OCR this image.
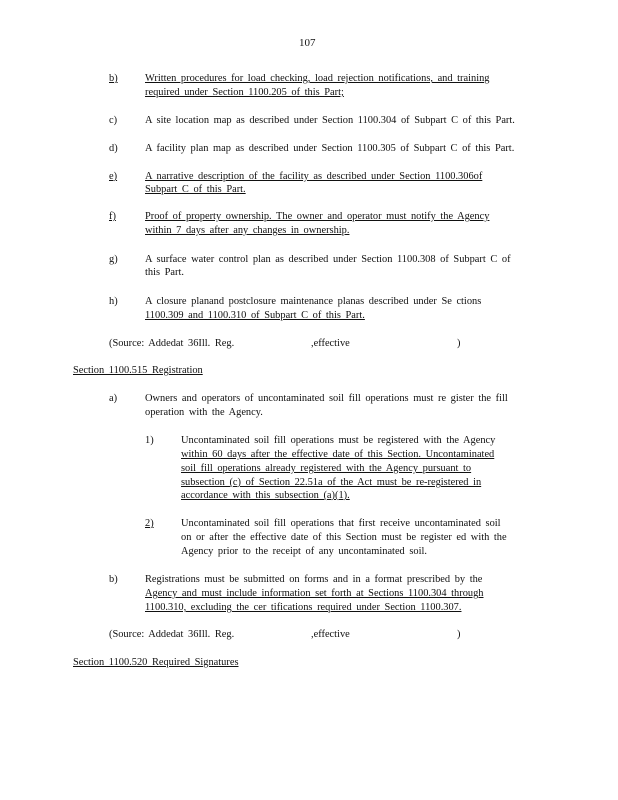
107
b)	Written procedures for load checking, load rejection notifications, and training
required under Section 1100.205 of this Part;
c)	A site location map as described under Section 1100.304 of Subpart C of this Part.
d)	A facility plan map as described under Section 1100.305 of Subpart C of this Part.
e)	A narrative description of the facility as described under Section 1100.306of
Subpart C of this Part.
f)	Proof of property ownership. The owner and operator must notify the Agency
within 7 days after any changes in ownership.
g)	A surface water control plan as described under Section 1100.308 of Subpart C of
this Part.
h)	A closure planand postclosure maintenance planas described under Se ctions
1100.309 and 1100.310 of Subpart C of this Part.
(Source: Addedat 36Ill. Reg.	,effective	)
Section 1100.515 Registration
a)	Owners and operators of uncontaminated soil fill operations must re gister the fill
operation with the Agency.
1)	Uncontaminated soil fill operations must be registered with the Agency
within 60 days after the effective date of this Section. Uncontaminated
soil fill operations already registered with the Agency pursuant to
subsection (c) of Section 22.51a of the Act must be re-registered in
accordance with this subsection (a)(1).
2)	Uncontaminated soil fill operations that first receive uncontaminated soil
on or after the effective date of this Section must be register ed with the
Agency prior to the receipt of any uncontaminated soil.
b)	Registrations must be submitted on forms and in a format prescribed by the
Agency and must include information set forth at Sections 1100.304 through
1100.310, excluding the cer tifications required under Section 1100.307.
(Source: Addedat 36Ill. Reg.	,effective	)
Section 1100.520 Required Signatures
